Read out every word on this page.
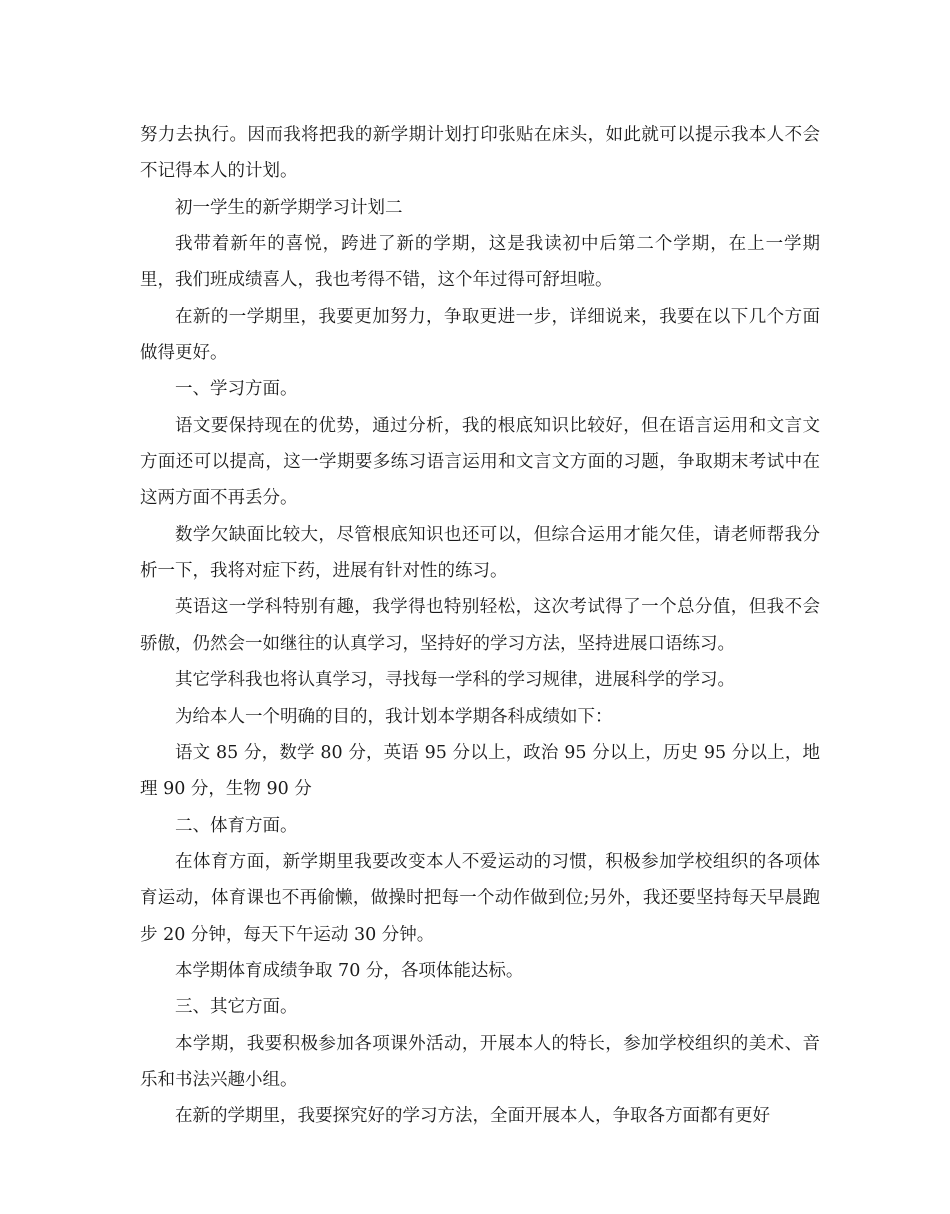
努力去执行。因而我将把我的新学期计划打印张贴在床头，如此就可以提示我本人不会不记得本人的计划。

初一学生的新学期学习计划二

我带着新年的喜悦，跨进了新的学期，这是我读初中后第二个学期，在上一学期里，我们班成绩喜人，我也考得不错，这个年过得可舒坦啦。

在新的一学期里，我要更加努力，争取更进一步，详细说来，我要在以下几个方面做得更好。

一、学习方面。

语文要保持现在的优势，通过分析，我的根底知识比较好，但在语言运用和文言文方面还可以提高，这一学期要多练习语言运用和文言文方面的习题，争取期末考试中在这两方面不再丢分。

数学欠缺面比较大，尽管根底知识也还可以，但综合运用才能欠佳，请老师帮我分析一下，我将对症下药，进展有针对性的练习。

英语这一学科特别有趣，我学得也特别轻松，这次考试得了一个总分值，但我不会骄傲，仍然会一如继往的认真学习，坚持好的学习方法，坚持进展口语练习。

其它学科我也将认真学习，寻找每一学科的学习规律，进展科学的学习。

为给本人一个明确的目的，我计划本学期各科成绩如下：

语文 85 分，数学 80 分，英语 95 分以上，政治 95 分以上，历史 95 分以上，地理 90 分，生物 90 分

二、体育方面。

在体育方面，新学期里我要改变本人不爱运动的习惯，积极参加学校组织的各项体育运动，体育课也不再偷懒，做操时把每一个动作做到位;另外，我还要坚持每天早晨跑步 20 分钟，每天下午运动 30 分钟。

本学期体育成绩争取 70 分，各项体能达标。

三、其它方面。

本学期，我要积极参加各项课外活动，开展本人的特长，参加学校组织的美术、音乐和书法兴趣小组。

在新的学期里，我要探究好的学习方法，全面开展本人，争取各方面都有更好
